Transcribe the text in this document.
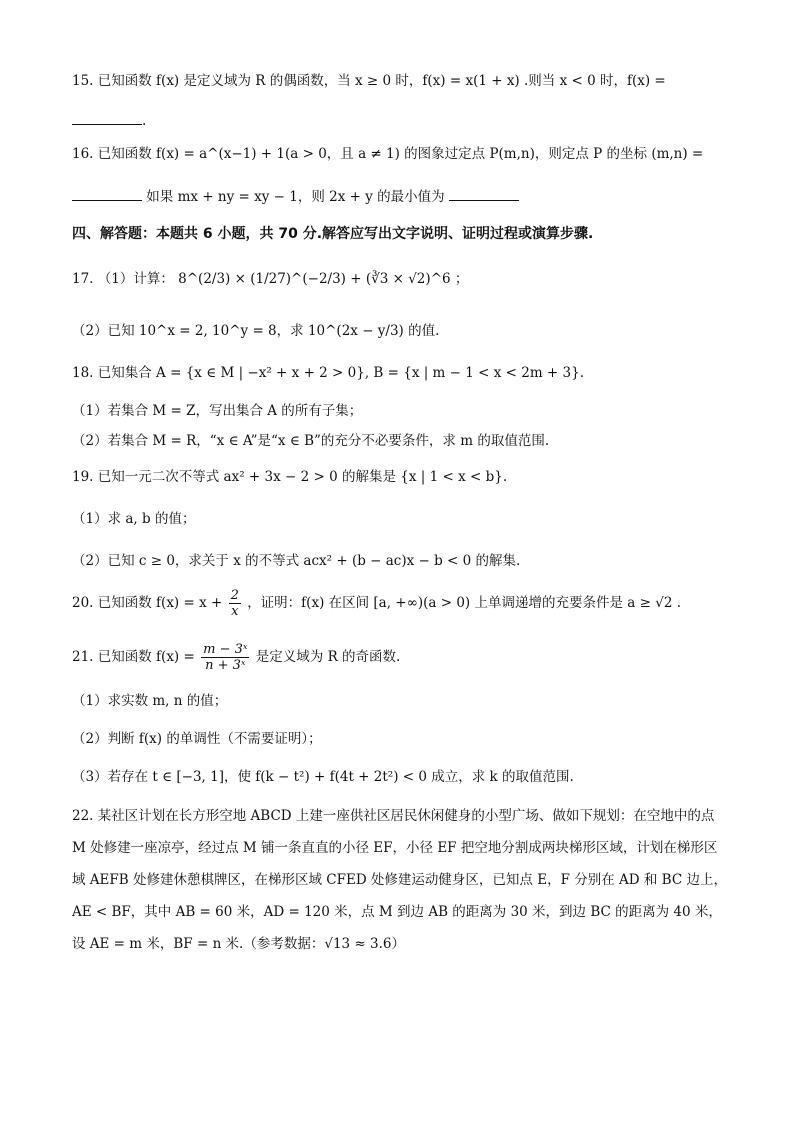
15. 已知函数 f(x) 是定义域为 R 的偶函数，当 x ≥ 0 时，f(x) = x(1 + x) .则当 x < 0 时，f(x) =
.
16. 已知函数 f(x) = a^(x−1) + 1(a > 0，且 a ≠ 1) 的图象过定点 P(m,n)，则定点 P 的坐标 (m,n) =
如果 mx + ny = xy − 1，则 2x + y 的最小值为
四、解答题：本题共 6 小题，共 70 分.解答应写出文字说明、证明过程或演算步骤.
17. （1）计算： 8^(2/3) × (1/27)^(−2/3) + (∛3 × √2)^6 ；
（2）已知 10^x = 2, 10^y = 8，求 10^(2x − y/3) 的值.
18. 已知集合 A = {x ∈ M | −x² + x + 2 > 0}, B = {x | m − 1 < x < 2m + 3}.
（1）若集合 M = Z，写出集合 A 的所有子集；
（2）若集合 M = R，“x ∈ A”是“x ∈ B”的充分不必要条件，求 m 的取值范围.
19. 已知一元二次不等式 ax² + 3x − 2 > 0 的解集是 {x | 1 < x < b}.
（1）求 a, b 的值；
（2）已知 c ≥ 0，求关于 x 的不等式 acx² + (b − ac)x − b < 0 的解集.
20. 已知函数 $f(x) = x + \frac{2}{x}$ ，证明：f(x) 在区间 [a, +∞)(a > 0) 上单调递增的充要条件是 a ≥ √2 .
21. 已知函数 $f(x) = \frac{\text{m − 3ˣ}}{\text{n + 3ˣ}}$ 是定义域为 R 的奇函数.
（1）求实数 m, n 的值；
（2）判断 f(x) 的单调性（不需要证明）；
（3）若存在 t ∈ [−3, 1]，使 f(k − t²) + f(4t + 2t²) < 0 成立，求 k 的取值范围.
22. 某社区计划在长方形空地 ABCD 上建一座供社区居民休闲健身的小型广场、做如下规划：在空地中的点 M 处修建一座凉亭，经过点 M 铺一条直直的小径 EF，小径 EF 把空地分割成两块梯形区域，计划在梯形区域 AEFB 处修建休憩棋牌区，在梯形区域 CFED 处修建运动健身区，已知点 E，F 分别在 AD 和 BC 边上，AE < BF，其中 AB = 60 米，AD = 120 米，点 M 到边 AB 的距离为 30 米，到边 BC 的距离为 40 米，设 AE = m 米，BF = n 米.（参考数据：√13 ≈ 3.6）
